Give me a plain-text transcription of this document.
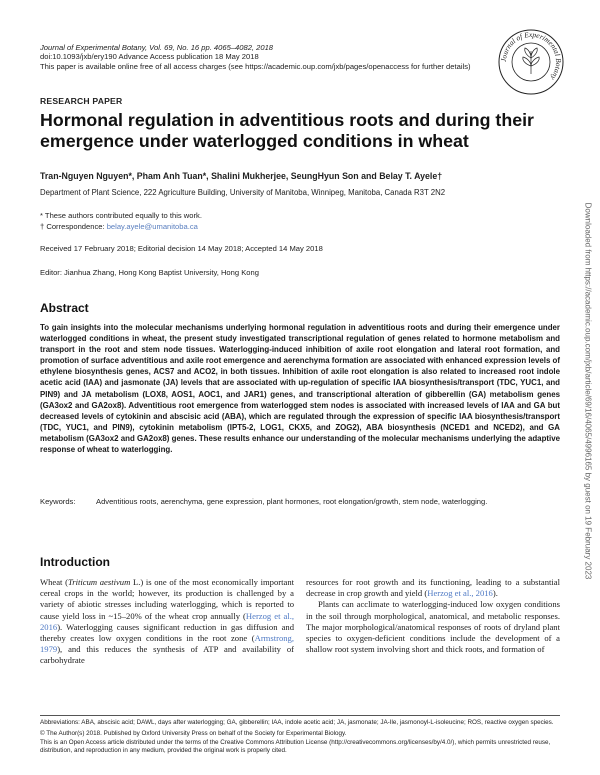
Journal of Experimental Botany, Vol. 69, No. 16 pp. 4065–4082, 2018
doi:10.1093/jxb/ery190 Advance Access publication 18 May 2018
This paper is available online free of all access charges (see https://academic.oup.com/jxb/pages/openaccess for further details)
Journal of Experimental Botany
RESEARCH PAPER
Hormonal regulation in adventitious roots and during their emergence under waterlogged conditions in wheat
Tran-Nguyen Nguyen*, Pham Anh Tuan*, Shalini Mukherjee, SeungHyun Son and Belay T. Ayele†
Department of Plant Science, 222 Agriculture Building, University of Manitoba, Winnipeg, Manitoba, Canada R3T 2N2
* These authors contributed equally to this work.
† Correspondence: belay.ayele@umanitoba.ca
Received 17 February 2018; Editorial decision 14 May 2018; Accepted 14 May 2018
Editor: Jianhua Zhang, Hong Kong Baptist University, Hong Kong
Abstract

To gain insights into the molecular mechanisms underlying hormonal regulation in adventitious roots and during their emergence under waterlogged conditions in wheat, the present study investigated transcriptional regulation of genes related to hormone metabolism and transport in the root and stem node tissues. Waterlogging-induced inhibition of axile root elongation and lateral root formation, and promotion of surface adventitious and axile root emergence and aerenchyma formation are associated with enhanced expression levels of ethylene biosynthesis genes, ACS7 and ACO2, in both tissues. Inhibition of axile root elongation is also related to increased root indole acetic acid (IAA) and jasmonate (JA) levels that are associated with up-regulation of specific IAA biosynthesis/transport (TDC, YUC1, and PIN9) and JA metabolism (LOX8, AOS1, AOC1, and JAR1) genes, and transcriptional alteration of gibberellin (GA) metabolism genes (GA3ox2 and GA2ox8). Adventitious root emergence from waterlogged stem nodes is associated with increased levels of IAA and GA but decreased levels of cytokinin and abscisic acid (ABA), which are regulated through the expression of specific IAA biosynthesis/transport (TDC, YUC1, and PIN9), cytokinin metabolism (IPT5-2, LOG1, CKX5, and ZOG2), ABA biosynthesis (NCED1 and NCED2), and GA metabolism (GA3ox2 and GA2ox8) genes. These results enhance our understanding of the molecular mechanisms underlying the adaptive response of wheat to waterlogging.

Keywords:	Adventitious roots, aerenchyma, gene expression, plant hormones, root elongation/growth, stem node, waterlogging.
Introduction

Wheat (Triticum aestivum L.) is one of the most economically important cereal crops in the world; however, its production is challenged by a variety of abiotic stresses including waterlogging, which is reported to cause yield loss in ~15–20% of the wheat crop annually (Herzog et al., 2016). Waterlogging causes significant reduction in gas diffusion and thereby creates low oxygen conditions in the root zone (Armstrong, 1979), and this reduces the synthesis of ATP and availability of carbohydrate

resources for root growth and its functioning, leading to a substantial decrease in crop growth and yield (Herzog et al., 2016).

Plants can acclimate to waterlogging-induced low oxygen conditions in the soil through morphological, anatomical, and metabolic responses. The major morphological/anatomical responses of roots of dryland plant species to oxygen-deficient conditions include the development of a shallow root system involving short and thick roots, and formation of

Abbreviations: ABA, abscisic acid; DAWL, days after waterlogging; GA, gibberellin; IAA, indole acetic acid; JA, jasmonate; JA-Ile, jasmonoyl-L-isoleucine; ROS, reactive oxygen species.
© The Author(s) 2018. Published by Oxford University Press on behalf of the Society for Experimental Biology.
This is an Open Access article distributed under the terms of the Creative Commons Attribution License (http://creativecommons.org/licenses/by/4.0/), which permits unrestricted reuse, distribution, and reproduction in any medium, provided the original work is properly cited.
Downloaded from https://academic.oup.com/jxb/article/69/16/4065/4996165 by guest on 19 February 2023
